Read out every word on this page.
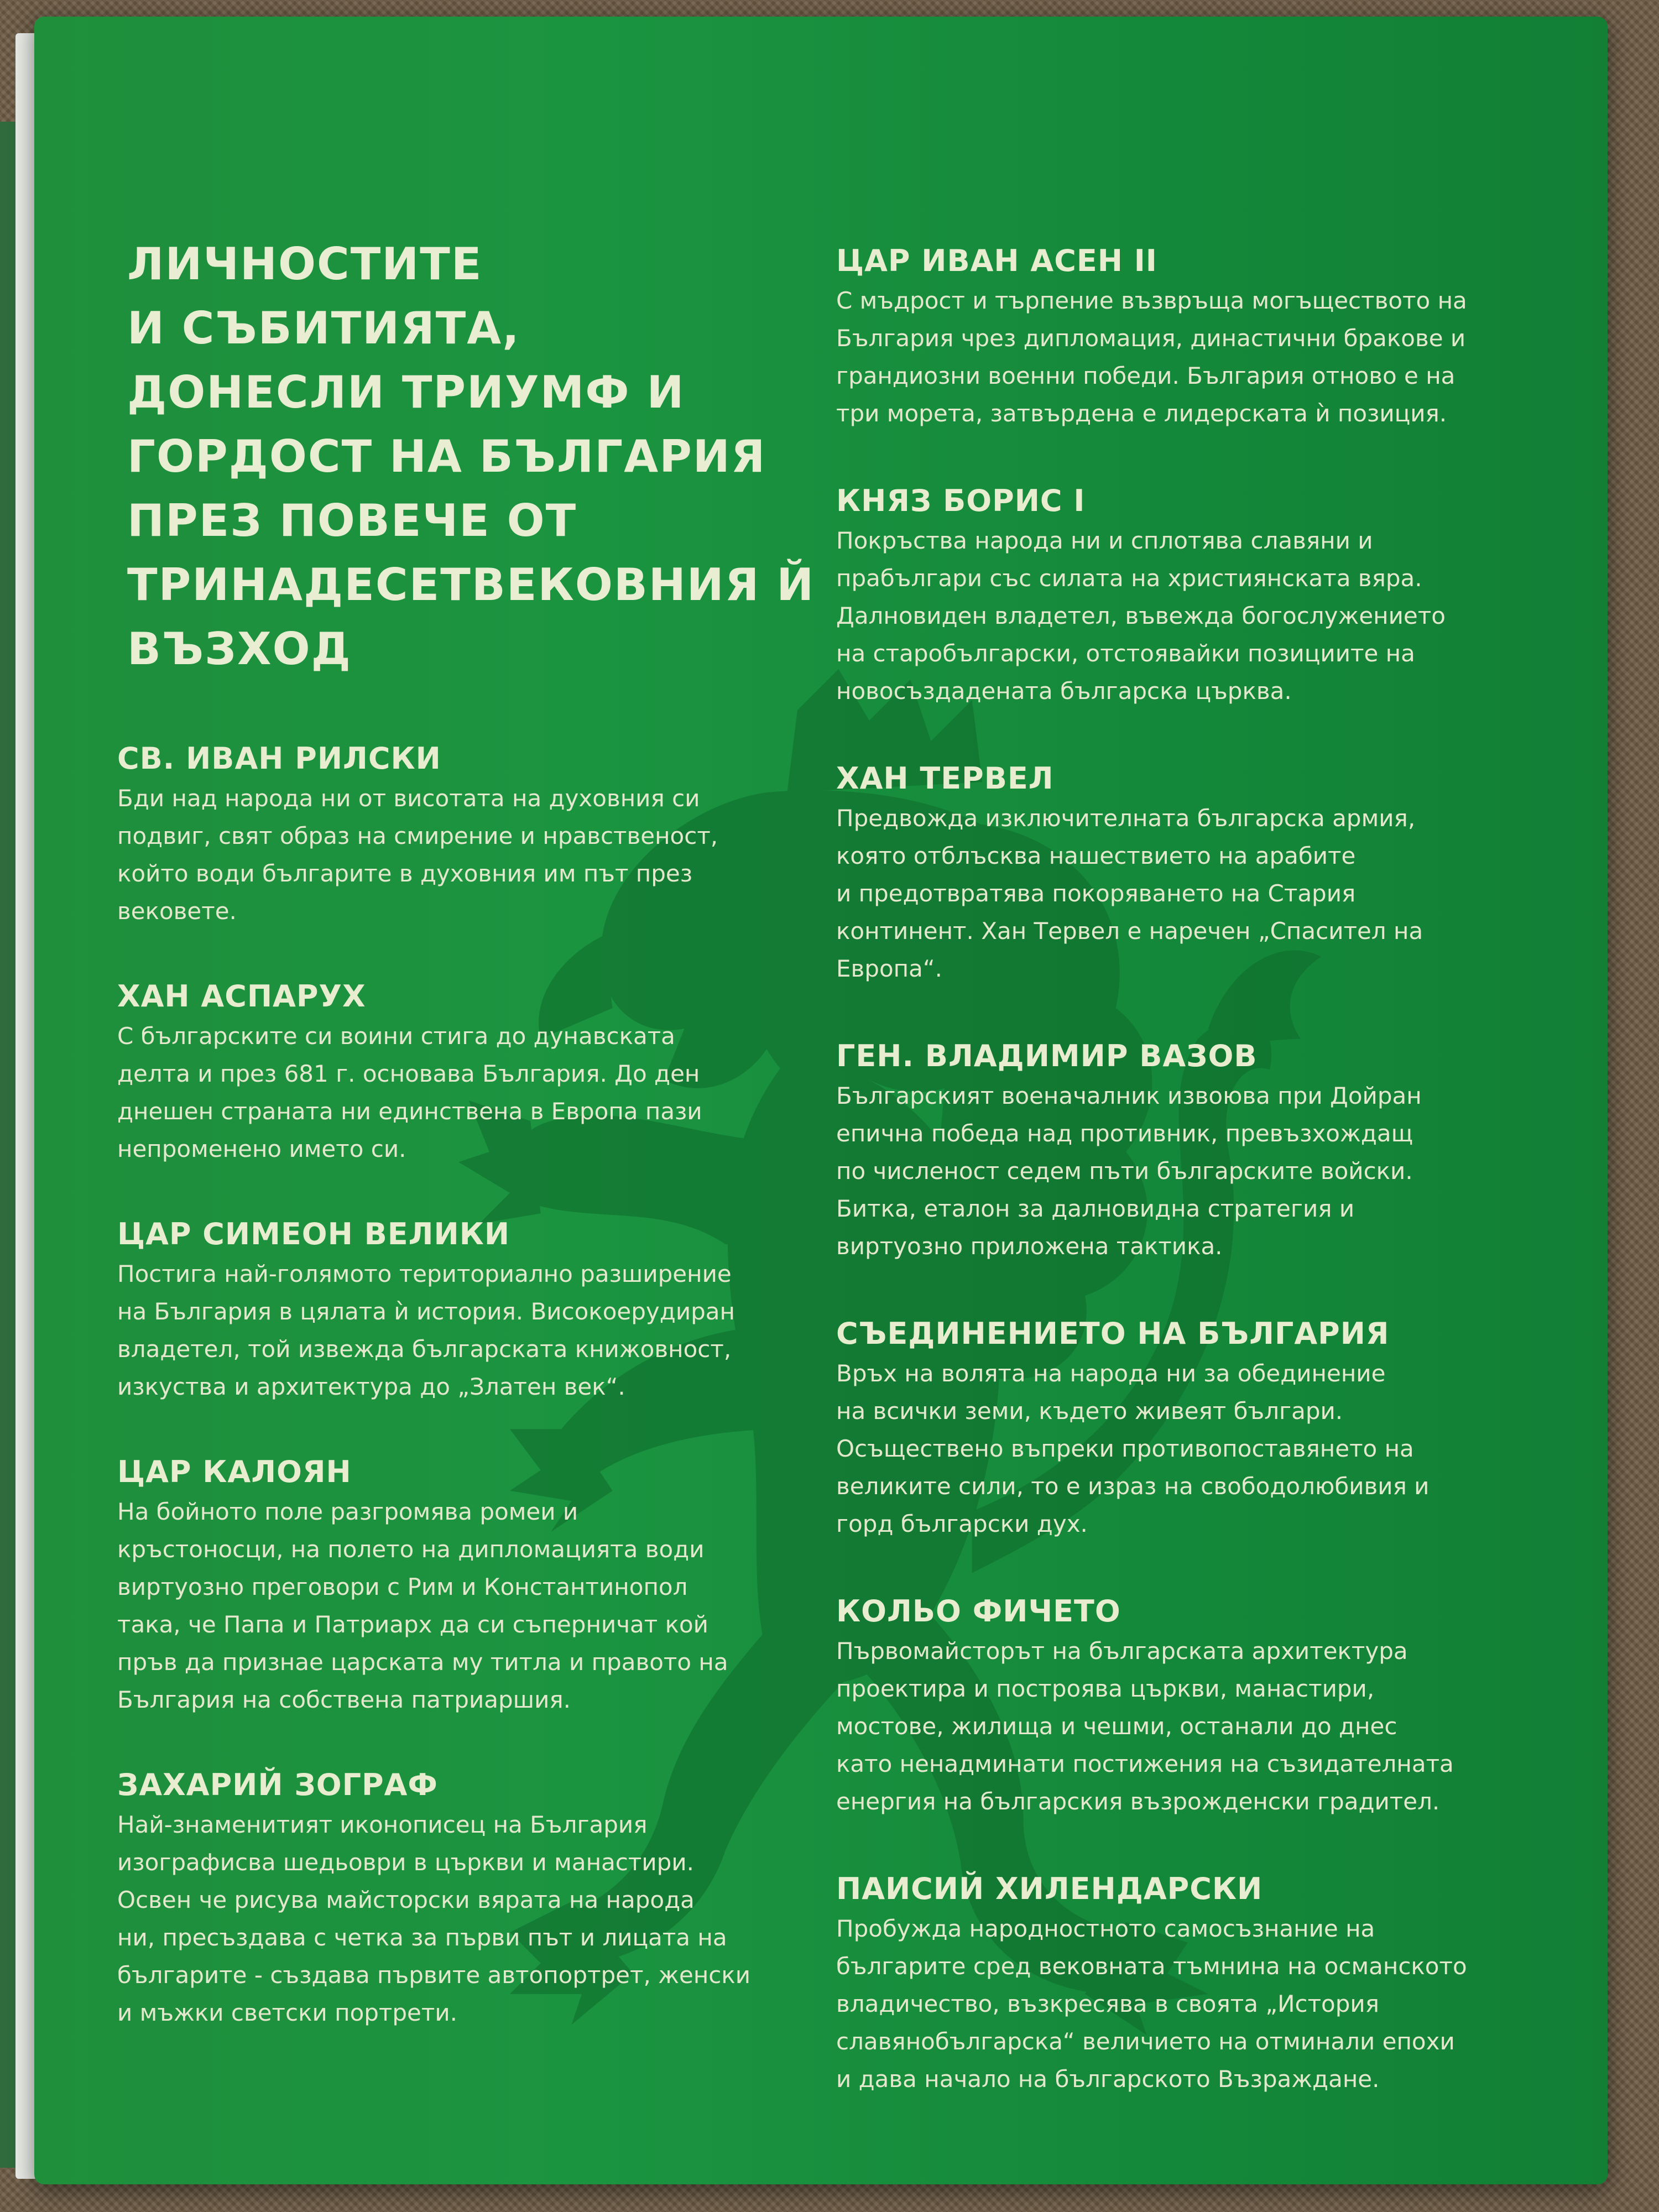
ЛИЧНОСТИТЕ
И СЪБИТИЯТА,
ДОНЕСЛИ ТРИУМФ И
ГОРДОСТ НА БЪЛГАРИЯ
ПРЕЗ ПОВЕЧЕ ОТ
ТРИНАДЕСЕТВЕКОВНИЯ Й
ВЪЗХОД
СВ. ИВАН РИЛСКИ

Бди над народа ни от висотата на духовния си
подвиг, свят образ на смирение и нравственост,
който води българите в духовния им път през
вековете.

ХАН АСПАРУХ

С българските си воини стига до дунавската
делта и през 681 г. основава България. До ден
днешен страната ни единствена в Европа пази
непроменено името си.

ЦАР СИМЕОН ВЕЛИКИ

Постига най-голямото териториално разширение
на България в цялата ѝ история. Високоерудиран
владетел, той извежда българската книжовност,
изкуства и архитектура до „Златен век“.

ЦАР КАЛОЯН

На бойното поле разгромява ромеи и
кръстоносци, на полето на дипломацията води
виртуозно преговори с Рим и Константинопол
така, че Папа и Патриарх да си съперничат кой
пръв да признае царската му титла и правото на
България на собствена патриаршия.

ЗАХАРИЙ ЗОГРАФ

Най-знаменитият иконописец на България
изографисва шедьоври в църкви и манастири.
Освен че рисува майсторски вярата на народа
ни, пресъздава с четка за първи път и лицата на
българите - създава първите автопортрет, женски
и мъжки светски портрети.

ЦАР ИВАН АСЕН II

С мъдрост и търпение възвръща могъществото на
България чрез дипломация, династични бракове и
грандиозни военни победи. България отново е на
три морета, затвърдена е лидерската ѝ позиция.

КНЯЗ БОРИС I

Покръства народа ни и сплотява славяни и
прабългари със силата на християнската вяра.
Далновиден владетел, въвежда богослужението
на старобългарски, отстоявайки позициите на
новосъздадената българска църква.

ХАН ТЕРВЕЛ

Предвожда изключителната българска армия,
която отблъсква нашествието на арабите
и предотвратява покоряването на Стария
континент. Хан Тервел е наречен „Спасител на
Европа“.

ГЕН. ВЛАДИМИР ВАЗОВ

Българският военачалник извоюва при Дойран
епична победа над противник, превъзхождащ
по численост седем пъти българските войски.
Битка, еталон за далновидна стратегия и
виртуозно приложена тактика.

СЪЕДИНЕНИЕТО НА БЪЛГАРИЯ

Връх на волята на народа ни за обединение
на всички земи, където живеят българи.
Осъществено въпреки противопоставянето на
великите сили, то е израз на свободолюбивия и
горд български дух.

КОЛЬО ФИЧЕТО

Първомайсторът на българската архитектура
проектира и построява църкви, манастири,
мостове, жилища и чешми, останали до днес
като ненадминати постижения на съзидателната
енергия на българския възрожденски градител.

ПАИСИЙ ХИЛЕНДАРСКИ

Пробужда народностното самосъзнание на
българите сред вековната тъмнина на османското
владичество, възкресява в своята „История
славянобългарска“ величието на отминали епохи
и дава начало на българското Възраждане.
